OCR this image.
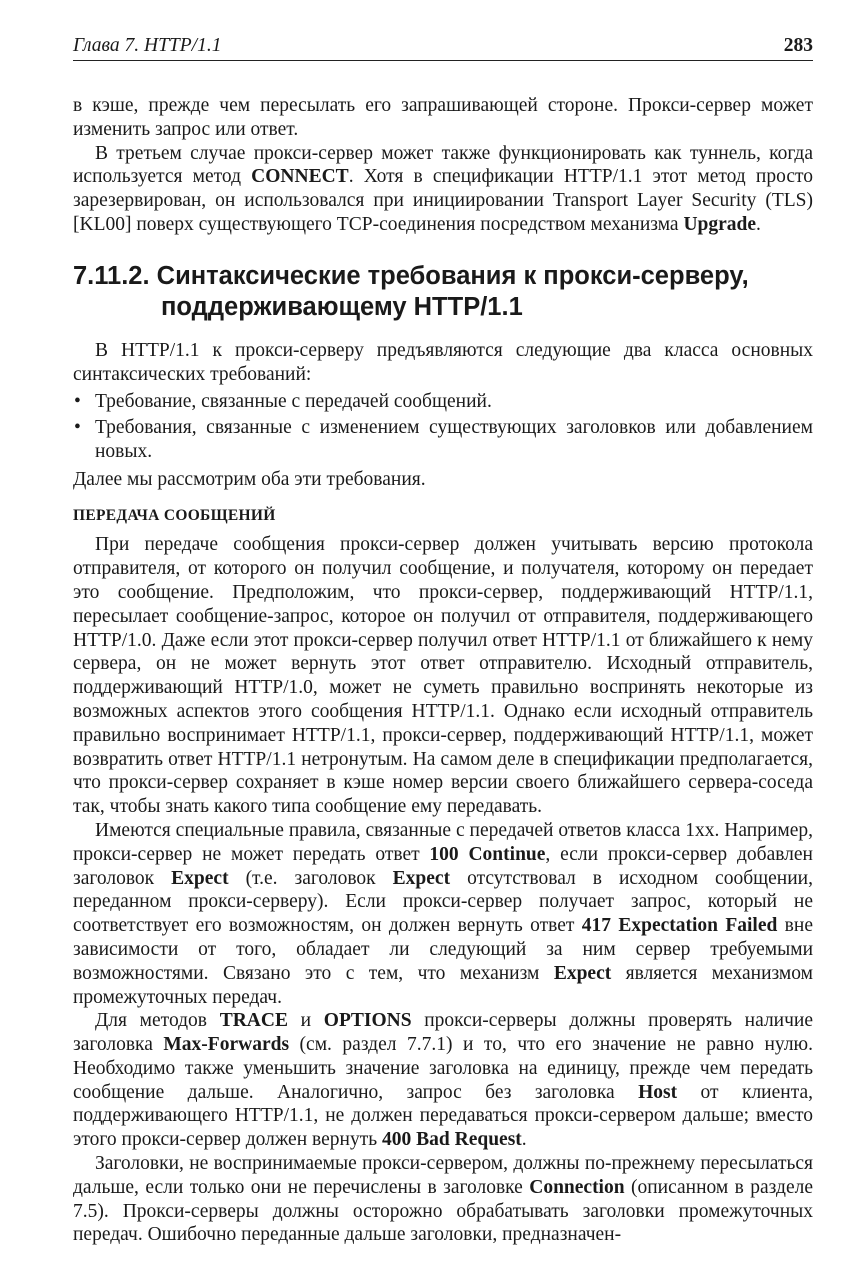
Глава 7. HTTP/1.1	283

в кэше, прежде чем пересылать его запрашивающей стороне. Прокси-сервер может изменить запрос или ответ.

В третьем случае прокси-сервер может также функционировать как туннель, когда используется метод CONNECT. Хотя в спецификации HTTP/1.1 этот метод просто зарезервирован, он использовался при инициировании Transport Layer Security (TLS) [KL00] поверх существующего TCP-соединения посредством механизма Upgrade.

7.11.2. Синтаксические требования к прокси-серверу, поддерживающему HTTP/1.1

В HTTP/1.1 к прокси-серверу предъявляются следующие два класса основных синтаксических требований:

• Требование, связанные с передачей сообщений.
• Требования, связанные с изменением существующих заголовков или добавлением новых.

Далее мы рассмотрим оба эти требования.

ПЕРЕДАЧА СООБЩЕНИЙ

При передаче сообщения прокси-сервер должен учитывать версию протокола отправителя, от которого он получил сообщение, и получателя, которому он передает это сообщение. Предположим, что прокси-сервер, поддерживающий HTTP/1.1, пересылает сообщение-запрос, которое он получил от отправителя, поддерживающего HTTP/1.0. Даже если этот прокси-сервер получил ответ HTTP/1.1 от ближайшего к нему сервера, он не может вернуть этот ответ отправителю. Исходный отправитель, поддерживающий HTTP/1.0, может не суметь правильно воспринять некоторые из возможных аспектов этого сообщения HTTP/1.1. Однако если исходный отправитель правильно воспринимает HTTP/1.1, прокси-сервер, поддерживающий HTTP/1.1, может возвратить ответ HTTP/1.1 нетронутым. На самом деле в спецификации предполагается, что прокси-сервер сохраняет в кэше номер версии своего ближайшего сервера-соседа так, чтобы знать какого типа сообщение ему передавать.

Имеются специальные правила, связанные с передачей ответов класса 1xx. Например, прокси-сервер не может передать ответ 100 Continue, если прокси-сервер добавлен заголовок Expect (т.е. заголовок Expect отсутствовал в исходном сообщении, переданном прокси-серверу). Если прокси-сервер получает запрос, который не соответствует его возможностям, он должен вернуть ответ 417 Expectation Failed вне зависимости от того, обладает ли следующий за ним сервер требуемыми возможностями. Связано это с тем, что механизм Expect является механизмом промежуточных передач.

Для методов TRACE и OPTIONS прокси-серверы должны проверять наличие заголовка Max-Forwards (см. раздел 7.7.1) и то, что его значение не равно нулю. Необходимо также уменьшить значение заголовка на единицу, прежде чем передать сообщение дальше. Аналогично, запрос без заголовка Host от клиента, поддерживающего HTTP/1.1, не должен передаваться прокси-сервером дальше; вместо этого прокси-сервер должен вернуть 400 Bad Request.

Заголовки, не воспринимаемые прокси-сервером, должны по-прежнему пересылаться дальше, если только они не перечислены в заголовке Connection (описанном в разделе 7.5). Прокси-серверы должны осторожно обрабатывать заголовки промежуточных передач. Ошибочно переданные дальше заголовки, предназначен-
